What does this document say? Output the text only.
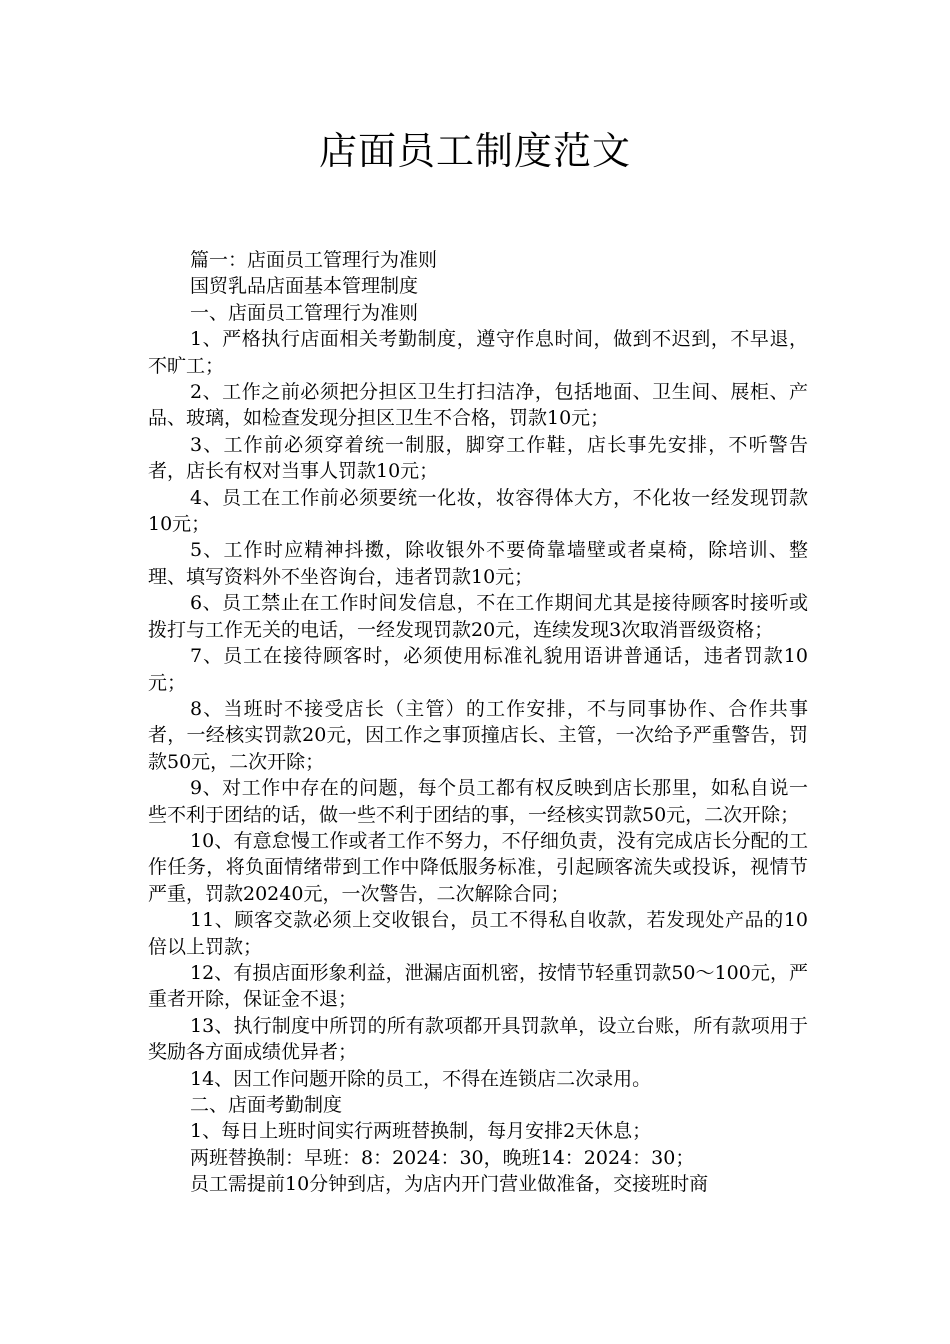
店面员工制度范文

篇一：店面员工管理行为准则

国贸乳品店面基本管理制度

一、店面员工管理行为准则

1、严格执行店面相关考勤制度，遵守作息时间，做到不迟到，不早退，不旷工；

2、工作之前必须把分担区卫生打扫洁净，包括地面、卫生间、展柜、产品、玻璃，如检查发现分担区卫生不合格，罚款10元；

3、工作前必须穿着统一制服，脚穿工作鞋，店长事先安排，不听警告者，店长有权对当事人罚款10元；

4、员工在工作前必须要统一化妆，妆容得体大方，不化妆一经发现罚款10元；

5、工作时应精神抖擞，除收银外不要倚靠墙壁或者桌椅，除培训、整理、填写资料外不坐咨询台，违者罚款10元；

6、员工禁止在工作时间发信息，不在工作期间尤其是接待顾客时接听或拨打与工作无关的电话，一经发现罚款20元，连续发现3次取消晋级资格；

7、员工在接待顾客时，必须使用标准礼貌用语讲普通话，违者罚款10元；

8、当班时不接受店长（主管）的工作安排，不与同事协作、合作共事者，一经核实罚款20元，因工作之事顶撞店长、主管，一次给予严重警告，罚款50元，二次开除；

9、对工作中存在的问题，每个员工都有权反映到店长那里，如私自说一些不利于团结的话，做一些不利于团结的事，一经核实罚款50元，二次开除；

10、有意怠慢工作或者工作不努力，不仔细负责，没有完成店长分配的工作任务，将负面情绪带到工作中降低服务标准，引起顾客流失或投诉，视情节严重，罚款20240元，一次警告，二次解除合同；

11、顾客交款必须上交收银台，员工不得私自收款，若发现处产品的10倍以上罚款；

12、有损店面形象利益，泄漏店面机密，按情节轻重罚款50～100元，严重者开除，保证金不退；

13、执行制度中所罚的所有款项都开具罚款单，设立台账，所有款项用于奖励各方面成绩优异者；

14、因工作问题开除的员工，不得在连锁店二次录用。

二、店面考勤制度

1、每日上班时间实行两班替换制，每月安排2天休息；

两班替换制：早班：8：2024：30，晚班14：2024：30；

员工需提前10分钟到店，为店内开门营业做准备，交接班时商
